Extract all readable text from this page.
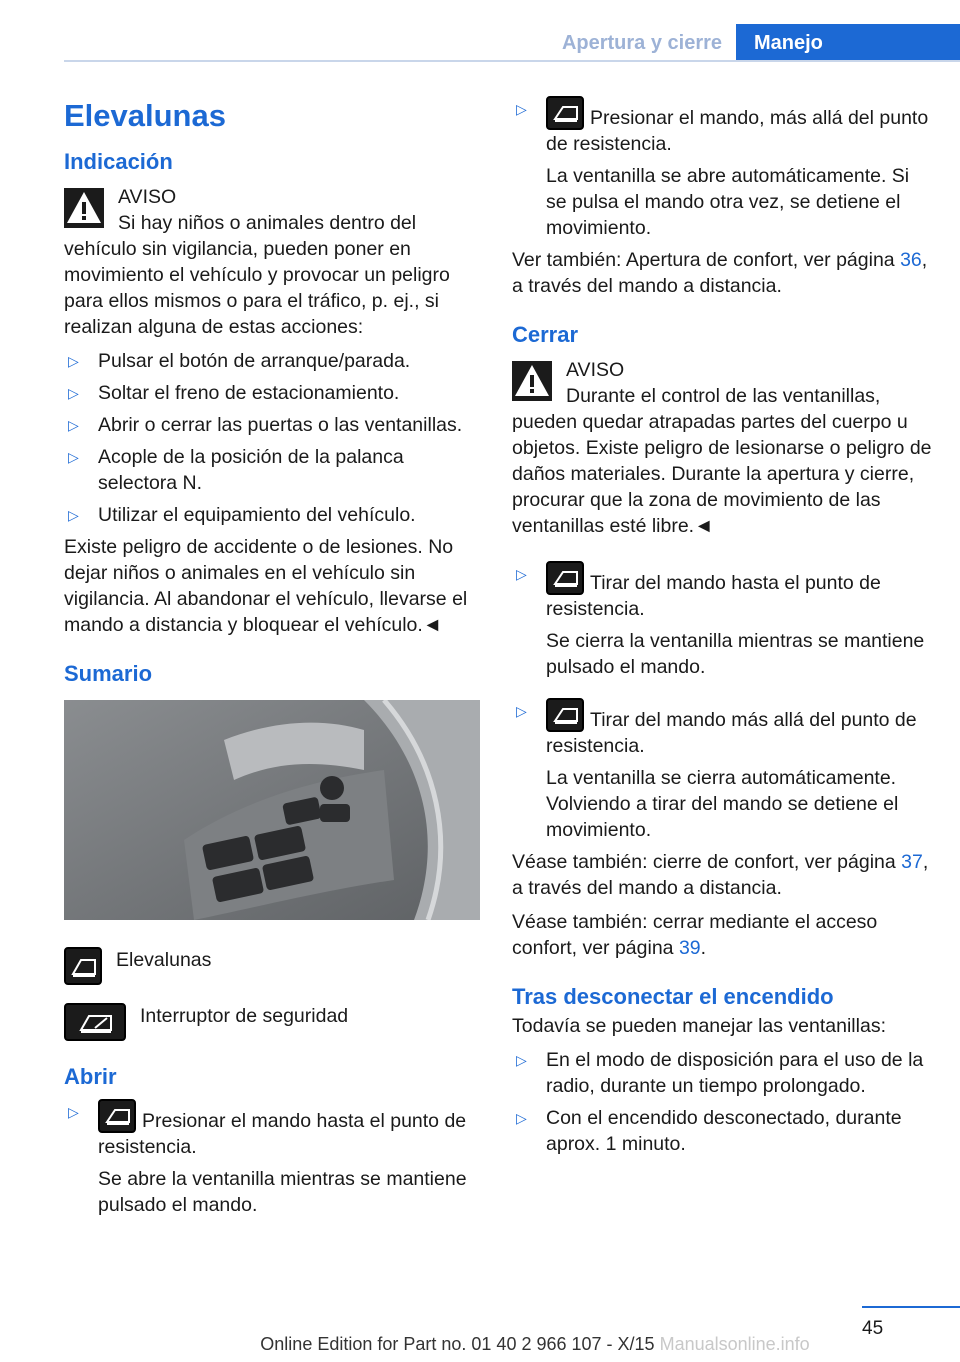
Apertura y cierre	Manejo
Elevalunas
Indicación
AVISO

Si hay niños o animales dentro del vehículo sin vigilancia, pueden poner en movimiento el vehículo y provocar un peligro para ellos mismos o para el tráfico, p. ej., si realizan alguna de estas acciones:

▷ Pulsar el botón de arranque/parada.
▷ Soltar el freno de estacionamiento.
▷ Abrir o cerrar las puertas o las ventanillas.
▷ Acople de la posición de la palanca selectora N.
▷ Utilizar el equipamiento del vehículo.

Existe peligro de accidente o de lesiones. No dejar niños o animales en el vehículo sin vigilancia. Al abandonar el vehículo, llevarse el mando a distancia y bloquear el vehículo.◄

Sumario
Elevalunas
Interruptor de seguridad
Abrir
▷	Presionar el mando hasta el punto de resistencia.

Se abre la ventanilla mientras se mantiene pulsado el mando.

▷	Presionar el mando, más allá del punto de resistencia.

La ventanilla se abre automáticamente. Si se pulsa el mando otra vez, se detiene el movimiento.

Ver también: Apertura de confort, ver página 36, a través del mando a distancia.

Cerrar
AVISO

Durante el control de las ventanillas, pueden quedar atrapadas partes del cuerpo u objetos. Existe peligro de lesionarse o peligro de daños materiales. Durante la apertura y cierre, procurar que la zona de movimiento de las ventanillas esté libre.◄

▷	Tirar del mando hasta el punto de resistencia.

Se cierra la ventanilla mientras se mantiene pulsado el mando.

▷	Tirar del mando más allá del punto de resistencia.

La ventanilla se cierra automáticamente. Volviendo a tirar del mando se detiene el movimiento.

Véase también: cierre de confort, ver página 37, a través del mando a distancia.

Véase también: cerrar mediante el acceso confort, ver página 39.

Tras desconectar el encendido

Todavía se pueden manejar las ventanillas:

▷ En el modo de disposición para el uso de la radio, durante un tiempo prolongado.
▷ Con el encendido desconectado, durante aprox. 1 minuto.
45
Online Edition for Part no. 01 40 2 966 107 - X/15 Manualsonline.info
